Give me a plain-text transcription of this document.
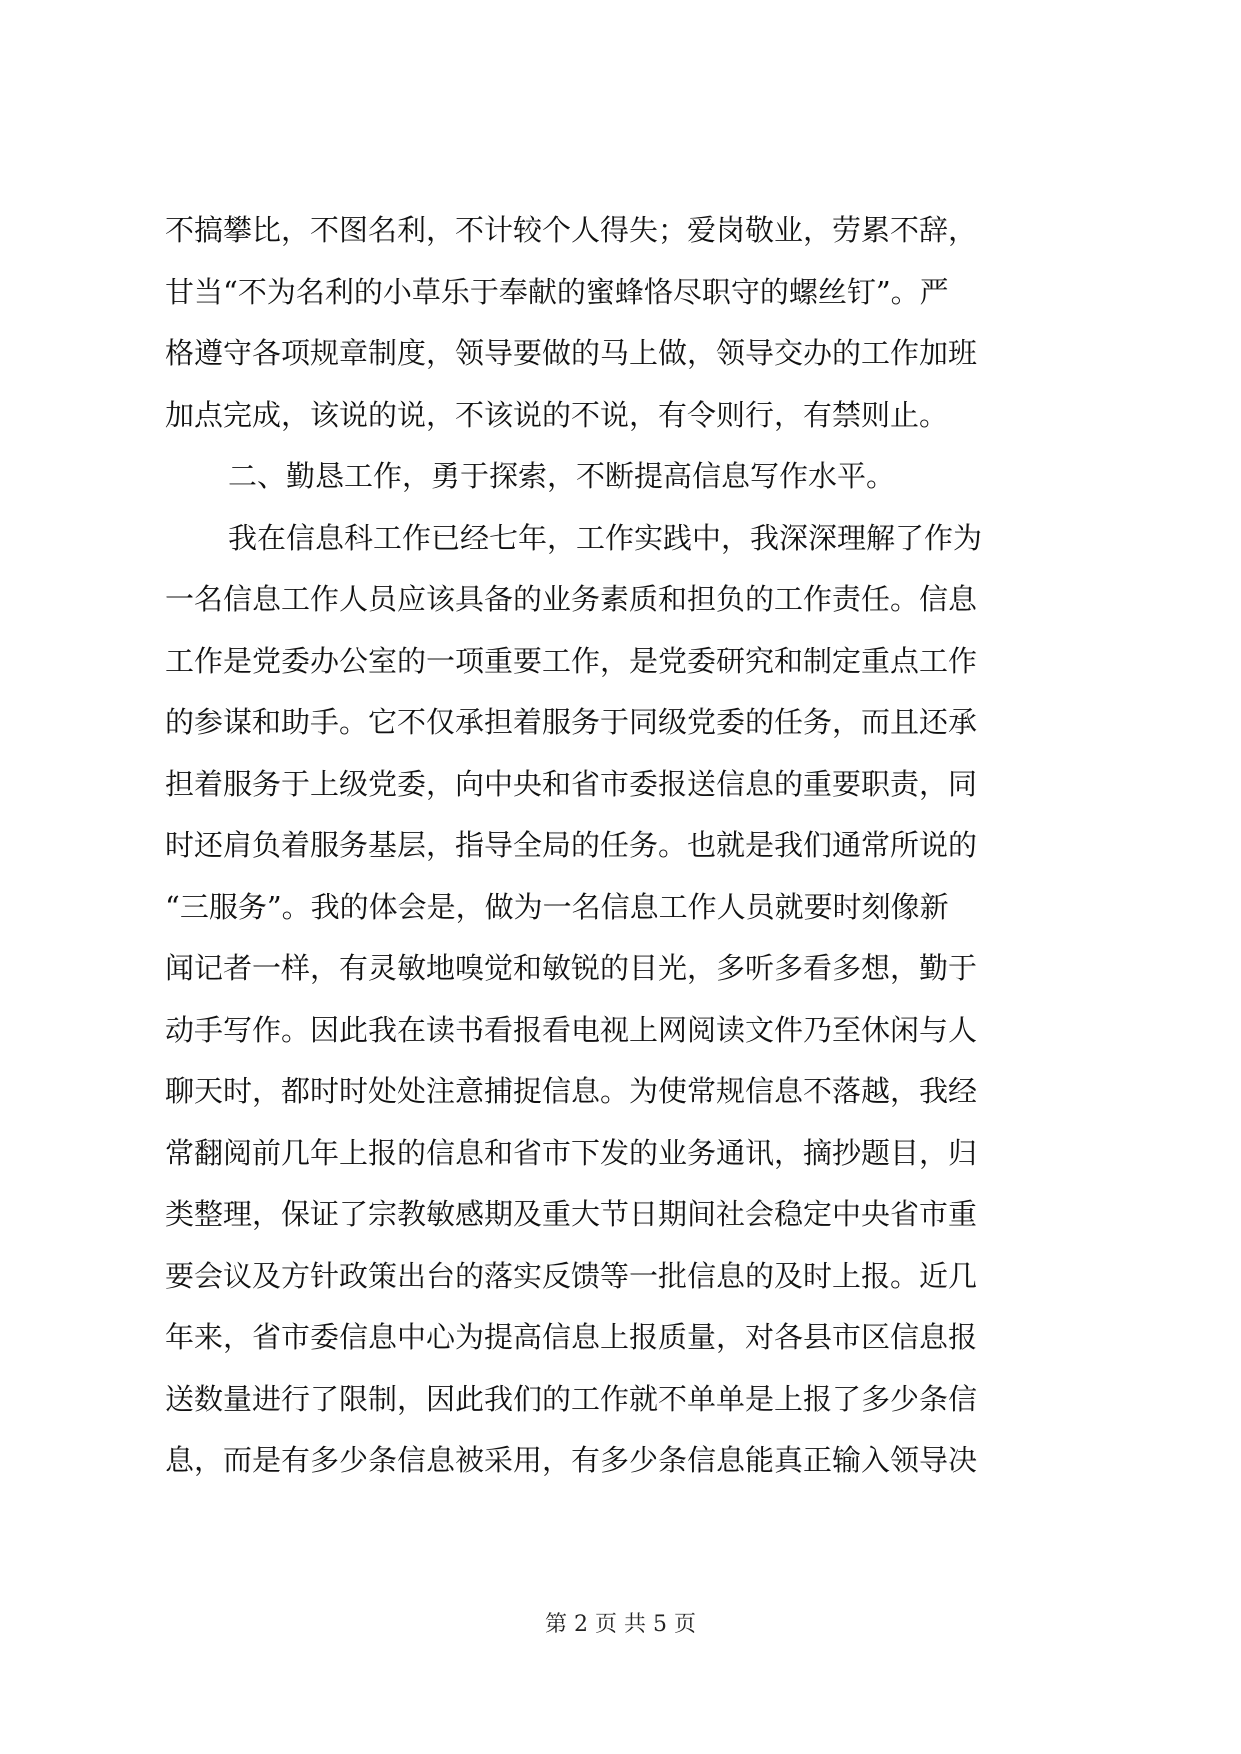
不搞攀比，不图名利，不计较个人得失；爱岗敬业，劳累不辞，
甘当“不为名利的小草乐于奉献的蜜蜂恪尽职守的螺丝钉”。严
格遵守各项规章制度，领导要做的马上做，领导交办的工作加班
加点完成，该说的说，不该说的不说，有令则行，有禁则止。
二、勤恳工作，勇于探索，不断提高信息写作水平。
我在信息科工作已经七年，工作实践中，我深深理解了作为
一名信息工作人员应该具备的业务素质和担负的工作责任。信息
工作是党委办公室的一项重要工作，是党委研究和制定重点工作
的参谋和助手。它不仅承担着服务于同级党委的任务，而且还承
担着服务于上级党委，向中央和省市委报送信息的重要职责，同
时还肩负着服务基层，指导全局的任务。也就是我们通常所说的
“三服务”。我的体会是，做为一名信息工作人员就要时刻像新
闻记者一样，有灵敏地嗅觉和敏锐的目光，多听多看多想，勤于
动手写作。因此我在读书看报看电视上网阅读文件乃至休闲与人
聊天时，都时时处处注意捕捉信息。为使常规信息不落越，我经
常翻阅前几年上报的信息和省市下发的业务通讯，摘抄题目，归
类整理，保证了宗教敏感期及重大节日期间社会稳定中央省市重
要会议及方针政策出台的落实反馈等一批信息的及时上报。近几
年来，省市委信息中心为提高信息上报质量，对各县市区信息报
送数量进行了限制，因此我们的工作就不单单是上报了多少条信
息，而是有多少条信息被采用，有多少条信息能真正输入领导决
第 2 页 共 5 页
